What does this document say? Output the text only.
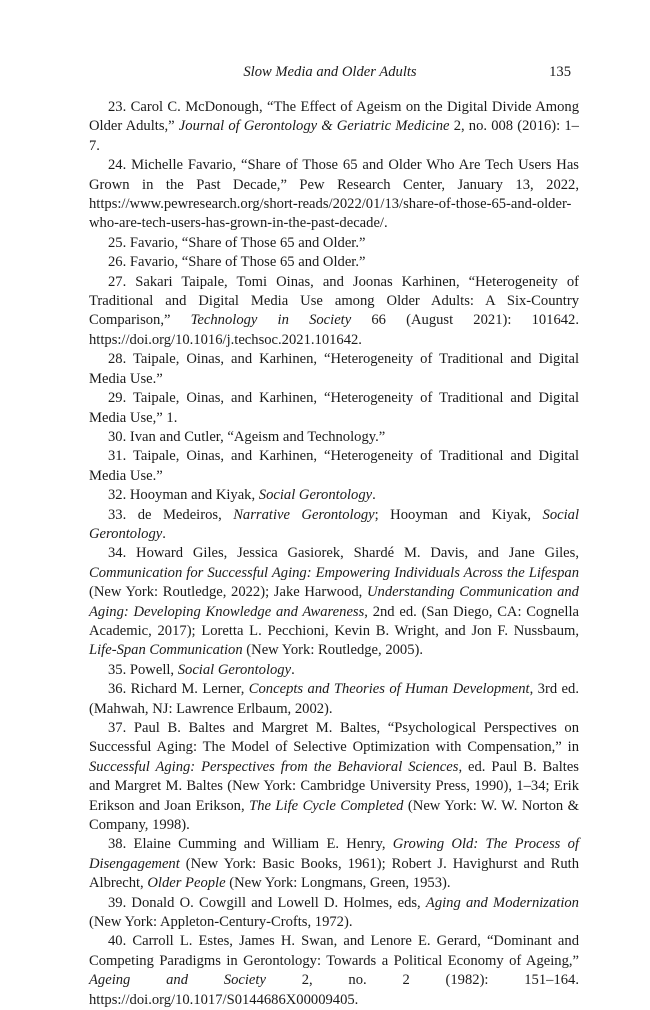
Slow Media and Older Adults	135

23. Carol C. McDonough, “The Effect of Ageism on the Digital Divide Among Older Adults,” Journal of Gerontology & Geriatric Medicine 2, no. 008 (2016): 1–7.

24. Michelle Favario, “Share of Those 65 and Older Who Are Tech Users Has Grown in the Past Decade,” Pew Research Center, January 13, 2022, https://www.pewresearch.org/short-reads/2022/01/13/share-of-those-65-and-older-who-are-tech-users-has-grown-in-the-past-decade/.

25. Favario, “Share of Those 65 and Older.”

26. Favario, “Share of Those 65 and Older.”

27. Sakari Taipale, Tomi Oinas, and Joonas Karhinen, “Heterogeneity of Traditional and Digital Media Use among Older Adults: A Six-Country Comparison,” Technology in Society 66 (August 2021): 101642. https://doi.org/10.1016/j.techsoc.2021.101642.

28. Taipale, Oinas, and Karhinen, “Heterogeneity of Traditional and Digital Media Use.”

29. Taipale, Oinas, and Karhinen, “Heterogeneity of Traditional and Digital Media Use,” 1.

30. Ivan and Cutler, “Ageism and Technology.”

31. Taipale, Oinas, and Karhinen, “Heterogeneity of Traditional and Digital Media Use.”

32. Hooyman and Kiyak, Social Gerontology.

33. de Medeiros, Narrative Gerontology; Hooyman and Kiyak, Social Gerontology.

34. Howard Giles, Jessica Gasiorek, Shardé M. Davis, and Jane Giles, Communication for Successful Aging: Empowering Individuals Across the Lifespan (New York: Routledge, 2022); Jake Harwood, Understanding Communication and Aging: Developing Knowledge and Awareness, 2nd ed. (San Diego, CA: Cognella Academic, 2017); Loretta L. Pecchioni, Kevin B. Wright, and Jon F. Nussbaum, Life-Span Communication (New York: Routledge, 2005).

35. Powell, Social Gerontology.

36. Richard M. Lerner, Concepts and Theories of Human Development, 3rd ed. (Mahwah, NJ: Lawrence Erlbaum, 2002).

37. Paul B. Baltes and Margret M. Baltes, “Psychological Perspectives on Successful Aging: The Model of Selective Optimization with Compensation,” in Successful Aging: Perspectives from the Behavioral Sciences, ed. Paul B. Baltes and Margret M. Baltes (New York: Cambridge University Press, 1990), 1–34; Erik Erikson and Joan Erikson, The Life Cycle Completed (New York: W. W. Norton & Company, 1998).

38. Elaine Cumming and William E. Henry, Growing Old: The Process of Disengagement (New York: Basic Books, 1961); Robert J. Havighurst and Ruth Albrecht, Older People (New York: Longmans, Green, 1953).

39. Donald O. Cowgill and Lowell D. Holmes, eds, Aging and Modernization (New York: Appleton-Century-Crofts, 1972).

40. Carroll L. Estes, James H. Swan, and Lenore E. Gerard, “Dominant and Competing Paradigms in Gerontology: Towards a Political Economy of Ageing,” Ageing and Society 2, no. 2 (1982): 151–164. https://doi.org/10.1017/S0144686X00009405.
